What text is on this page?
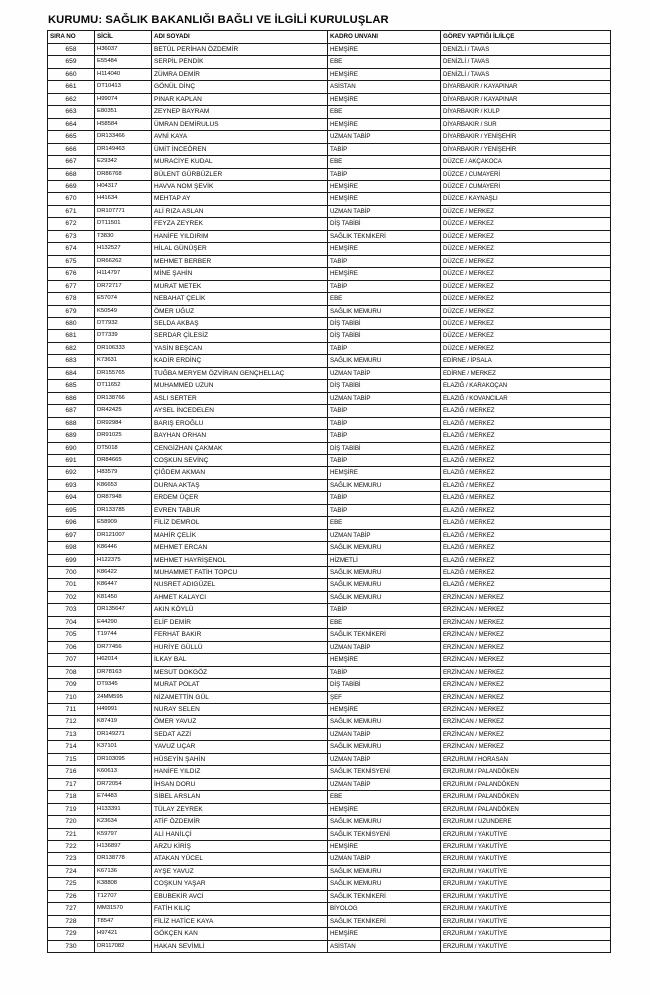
KURUMU: SAĞLIK BAKANLIĞI BAĞLI VE İLGİLİ KURULUŞLAR
SIRA NO	SİCİL	ADI SOYADI	KADRO UNVANI	GÖREV YAPTIĞI İL/İLÇE
658	H36037	BETÜL PERİHAN ÖZDEMİR	HEMŞİRE	DENİZLİ / TAVAS
659	E55484	SERPİL PENDİK	EBE	DENİZLİ / TAVAS
660	H114040	ZÜMRA DEMİR	HEMŞİRE	DENİZLİ / TAVAS
661	DT10413	GÖNÜL DİNÇ	ASİSTAN	DİYARBAKIR / KAYAPINAR
662	H99074	PINAR KAPLAN	HEMŞİRE	DİYARBAKIR / KAYAPINAR
663	E80351	ZEYNEP BAYRAM	EBE	DİYARBAKIR / KULP
664	H58584	ÜMRAN DEMİRULUS	HEMŞİRE	DİYARBAKIR / SUR
665	DR133466	AVNİ KAYA	UZMAN TABİP	DİYARBAKIR / YENİŞEHİR
666	DR149463	ÜMİT İNCEÖREN	TABİP	DİYARBAKIR / YENİŞEHİR
667	E29342	MURACİYE KUDAL	EBE	DÜZCE / AKÇAKOCA
668	DR86768	BÜLENT GÜRBÜZLER	TABİP	DÜZCE / CUMAYERİ
669	H04317	HAVVA NOM ŞEVİK	HEMŞİRE	DÜZCE / CUMAYERİ
670	H41634	MEHTAP AY	HEMŞİRE	DÜZCE / KAYNAŞLI
671	DR107771	ALİ RIZA ASLAN	UZMAN TABİP	DÜZCE / MERKEZ
672	DT11501	FEYZA ZEYREK	DİŞ TABİBİ	DÜZCE / MERKEZ
673	T3830	HANİFE YILDIRIM	SAĞLIK TEKNİKERİ	DÜZCE / MERKEZ
674	H132527	HİLAL GÜNÜŞER	HEMŞİRE	DÜZCE / MERKEZ
675	DR66262	MEHMET BERBER	TABİP	DÜZCE / MERKEZ
676	H114797	MİNE ŞAHİN	HEMŞİRE	DÜZCE / MERKEZ
677	DR72717	MURAT METEK	TABİP	DÜZCE / MERKEZ
678	E57074	NEBAHAT ÇELİK	EBE	DÜZCE / MERKEZ
679	K50549	ÖMER UĞUZ	SAĞLIK MEMURU	DÜZCE / MERKEZ
680	DT7932	SELDA AKBAŞ	DİŞ TABİBİ	DÜZCE / MERKEZ
681	DT7339	SERDAR ÇİLESİZ	DİŞ TABİBİ	DÜZCE / MERKEZ
682	DR106333	YASİN BEŞCAN	TABİP	DÜZCE / MERKEZ
683	K73631	KADİR ERDİNÇ	SAĞLIK MEMURU	EDİRNE / İPSALA
684	DR155765	TUĞBA MERYEM ÖZVİRAN GENÇHELLAÇ	UZMAN TABİP	EDİRNE / MERKEZ
685	DT11652	MUHAMMED UZUN	DİŞ TABİBİ	ELAZIĞ / KARAKOÇAN
686	DR138766	ASLI SERTER	UZMAN TABİP	ELAZIĞ / KOVANCILAR
687	DR42425	AYSEL İNCEDELEN	TABİP	ELAZIĞ / MERKEZ
688	DR92984	BARIŞ EROĞLU	TABİP	ELAZIĞ / MERKEZ
689	DR91025	BAYHAN ORHAN	TABİP	ELAZIĞ / MERKEZ
690	DT5018	CENGİZHAN ÇAKMAK	DİŞ TABİBİ	ELAZIĞ / MERKEZ
691	DR84665	COŞKUN SEVİNÇ	TABİP	ELAZIĞ / MERKEZ
692	H83579	ÇİĞDEM AKMAN	HEMŞİRE	ELAZIĞ / MERKEZ
693	K86653	DURNA AKTAŞ	SAĞLIK MEMURU	ELAZIĞ / MERKEZ
694	DR87948	ERDEM ÜÇER	TABİP	ELAZIĞ / MERKEZ
695	DR133785	EVREN TABUR	TABİP	ELAZIĞ / MERKEZ
696	E58909	FİLİZ DEMROL	EBE	ELAZIĞ / MERKEZ
697	DR121007	MAHİR ÇELİK	UZMAN TABİP	ELAZIĞ / MERKEZ
698	K86446	MEHMET ERCAN	SAĞLIK MEMURU	ELAZIĞ / MERKEZ
699	H122375	MEHMET HAYRİŞENOL	HİZMETLİ	ELAZIĞ / MERKEZ
700	K86422	MUHAMMET FATİH TOPCU	SAĞLIK MEMURU	ELAZIĞ / MERKEZ
701	K86447	NUSRET ADIGÜZEL	SAĞLIK MEMURU	ELAZIĞ / MERKEZ
702	K81450	AHMET KALAYCI	SAĞLIK MEMURU	ERZİNCAN / MERKEZ
703	DR135647	AKIN KÖYLÜ	TABİP	ERZİNCAN / MERKEZ
704	E44290	ELİF DEMİR	EBE	ERZİNCAN / MERKEZ
705	T19744	FERHAT BAKIR	SAĞLIK TEKNİKERİ	ERZİNCAN / MERKEZ
706	DR77456	HURİYE GÜLLÜ	UZMAN TABİP	ERZİNCAN / MERKEZ
707	H62014	İLKAY BAL	HEMŞİRE	ERZİNCAN / MERKEZ
708	DR78163	MESUT DOKGÖZ	TABİP	ERZİNCAN / MERKEZ
709	DT9345	MURAT POLAT	DİŞ TABİBİ	ERZİNCAN / MERKEZ
710	24MM595	NİZAMETTİN GÜL	ŞEF	ERZİNCAN / MERKEZ
711	H49991	NURAY SELEN	HEMŞİRE	ERZİNCAN / MERKEZ
712	K87419	ÖMER YAVUZ	SAĞLIK MEMURU	ERZİNCAN / MERKEZ
713	DR149271	SEDAT AZZİ	UZMAN TABİP	ERZİNCAN / MERKEZ
714	K37101	YAVUZ UÇAR	SAĞLIK MEMURU	ERZİNCAN / MERKEZ
715	DR103095	HÜSEYİN ŞAHİN	UZMAN TABİP	ERZURUM / HORASAN
716	K60613	HANİFE YILDIZ	SAĞLIK TEKNİSYENİ	ERZURUM / PALANDÖKEN
717	DR72054	İHSAN DORU	UZMAN TABİP	ERZURUM / PALANDÖKEN
718	E74483	SİBEL ARSLAN	EBE	ERZURUM / PALANDÖKEN
719	H133391	TÜLAY ZEYREK	HEMŞİRE	ERZURUM / PALANDÖKEN
720	K23634	ATİF ÖZDEMİR	SAĞLIK MEMURU	ERZURUM / UZUNDERE
721	K59797	ALİ HANİLÇİ	SAĞLIK TEKNİSYENİ	ERZURUM / YAKUTİYE
722	H136897	ARZU KİRİŞ	HEMŞİRE	ERZURUM / YAKUTİYE
723	DR138778	ATAKAN YÜCEL	UZMAN TABİP	ERZURUM / YAKUTİYE
724	K67136	AYŞE YAVUZ	SAĞLIK MEMURU	ERZURUM / YAKUTİYE
725	K38808	COŞKUN YAŞAR	SAĞLIK MEMURU	ERZURUM / YAKUTİYE
726	T12707	EBUBEKİR AVCİ	SAĞLIK TEKNİKERİ	ERZURUM / YAKUTİYE
727	MM31570	FATİH KILIÇ	BİYOLOG	ERZURUM / YAKUTİYE
728	T8547	FİLİZ HATİCE KAYA	SAĞLIK TEKNİKERİ	ERZURUM / YAKUTİYE
729	H97421	GÖKÇEN KAN	HEMŞİRE	ERZURUM / YAKUTİYE
730	DR117082	HAKAN SEVİMLİ	ASİSTAN	ERZURUM / YAKUTİYE
